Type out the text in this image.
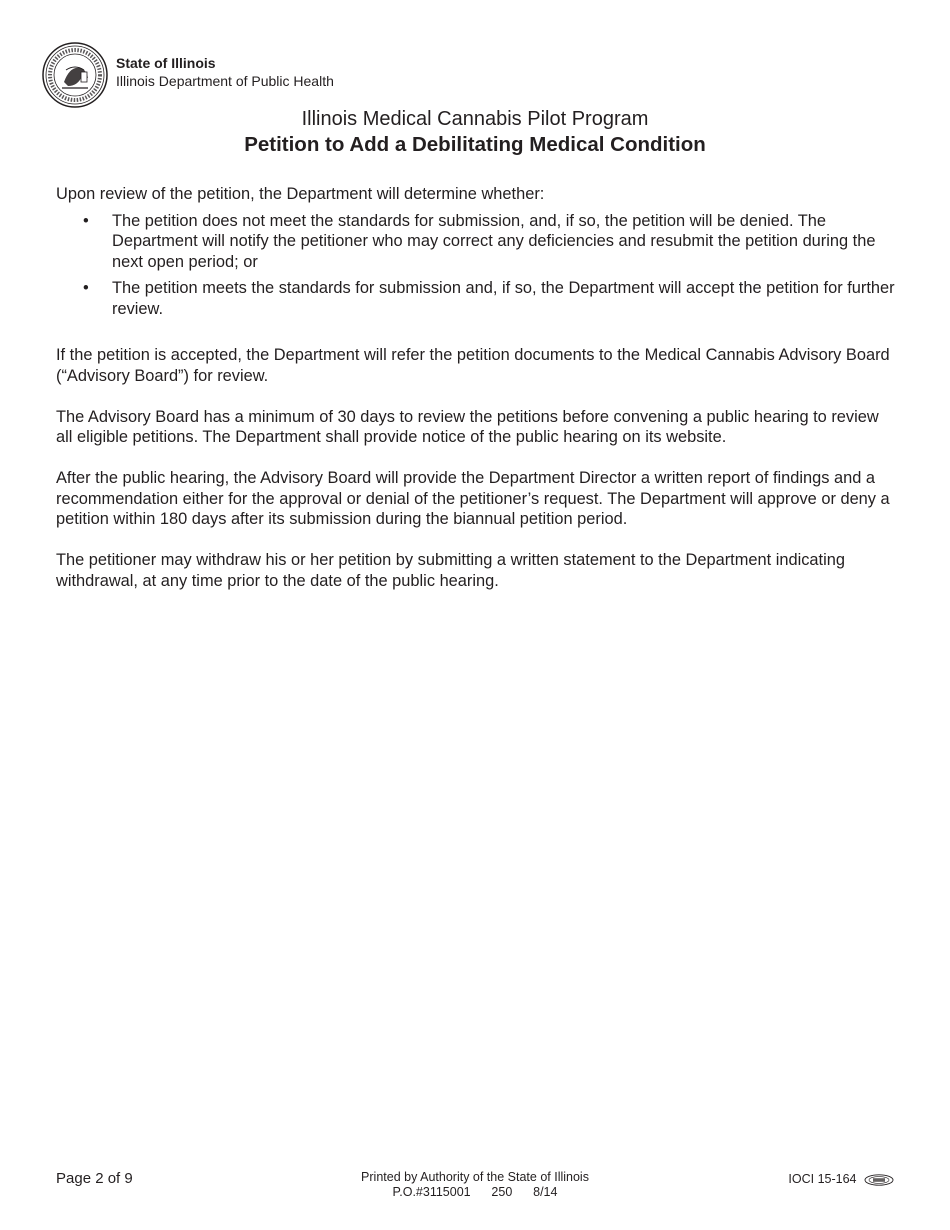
State of Illinois
Illinois Department of Public Health
Illinois Medical Cannabis Pilot Program
Petition to Add a Debilitating Medical Condition

Upon review of the petition, the Department will determine whether:

• The petition does not meet the standards for submission, and, if so, the petition will be denied. The Department will notify the petitioner who may correct any deficiencies and resubmit the petition during the next open period; or
• The petition meets the standards for submission and, if so, the Department will accept the petition for further review.

If the petition is accepted, the Department will refer the petition documents to the Medical Cannabis Advisory Board (“Advisory Board”) for review.

The Advisory Board has a minimum of 30 days to review the petitions before convening a public hearing to review all eligible petitions. The Department shall provide notice of the public hearing on its website.

After the public hearing, the Advisory Board will provide the Department Director a written report of findings and a recommendation either for the approval or denial of the petitioner’s request. The Department will approve or deny a petition within 180 days after its submission during the biannual petition period.

The petitioner may withdraw his or her petition by submitting a written statement to the Department indicating withdrawal, at any time prior to the date of the public hearing.

Page 2 of 9	Printed by Authority of the State of Illinois
P.O.#3115001      250      8/14
IOCI 15-164
